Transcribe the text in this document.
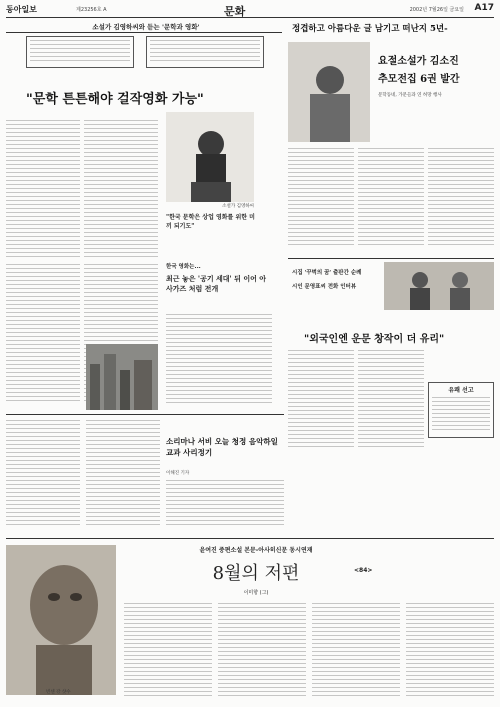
동아일보	제23256호 A	문화	2002년 7월26일 금요일 A17
소설가 김영하씨와 듣는 '문학과 영화'
"문학 튼튼해야 걸작영화 가능"
소설가 김영하씨
"한국 문학은 상업 영화를 위한 미끼 되기도"
한국 영화는...
최근 놓은 '공기 세대' 뒤 이어 아사가즈 처럼 전개
정겹하고 아름다운 글 남기고 떠난지 5년-
요절소설가 김소진
추모전집 6권 발간
문학동네, 가문들과 연 허망 행사
시집 '꾸벅의 꿈' 출판간 순례
시인 문영표씨 전화 인터뷰
"외국인엔 운문 창작이 더 유리"
유쾌 선고
소리마나 서비 오늘 청정 음악하일 교과 사리정기
이해진 기자
윤여진 중편소설 본문-아사히신문 동시연재
8월의 저편	<84>
이미향 (그)
빈센 강 샷수
